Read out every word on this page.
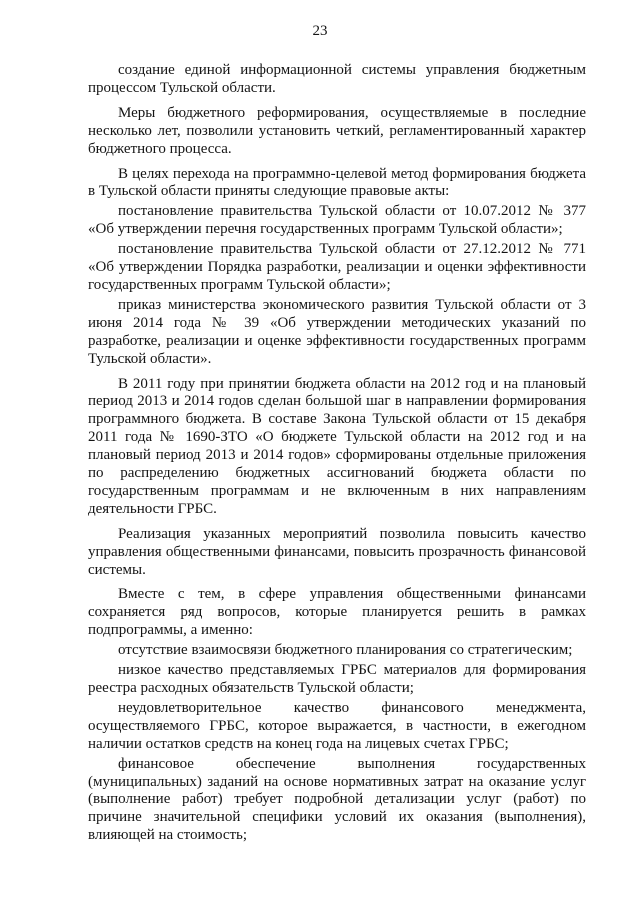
23

создание единой информационной системы управления бюджетным процессом Тульской области.

Меры бюджетного реформирования, осуществляемые в последние несколько лет, позволили установить четкий, регламентированный характер бюджетного процесса.

В целях перехода на программно-целевой метод формирования бюджета в Тульской области приняты следующие правовые акты:

постановление правительства Тульской области от 10.07.2012 № 377 «Об утверждении перечня государственных программ Тульской области»;

постановление правительства Тульской области от 27.12.2012 № 771 «Об утверждении Порядка разработки, реализации и оценки эффективности государственных программ Тульской области»;

приказ министерства экономического развития Тульской области от 3 июня 2014 года № 39 «Об утверждении методических указаний по разработке, реализации и оценке эффективности государственных программ Тульской области».

В 2011 году при принятии бюджета области на 2012 год и на плановый период 2013 и 2014 годов сделан большой шаг в направлении формирования программного бюджета. В составе Закона Тульской области от 15 декабря 2011 года № 1690-ЗТО «О бюджете Тульской области на 2012 год и на плановый период 2013 и 2014 годов» сформированы отдельные приложения по распределению бюджетных ассигнований бюджета области по государственным программам и не включенным в них направлениям деятельности ГРБС.

Реализация указанных мероприятий позволила повысить качество управления общественными финансами, повысить прозрачность финансовой системы.

Вместе с тем, в сфере управления общественными финансами сохраняется ряд вопросов, которые планируется решить в рамках подпрограммы, а именно:

отсутствие взаимосвязи бюджетного планирования со стратегическим;

низкое качество представляемых ГРБС материалов для формирования реестра расходных обязательств Тульской области;

неудовлетворительное качество финансового менеджмента, осуществляемого ГРБС, которое выражается, в частности, в ежегодном наличии остатков средств на конец года на лицевых счетах ГРБС;

финансовое обеспечение выполнения государственных (муниципальных) заданий на основе нормативных затрат на оказание услуг (выполнение работ) требует подробной детализации услуг (работ) по причине значительной специфики условий их оказания (выполнения), влияющей на стоимость;
